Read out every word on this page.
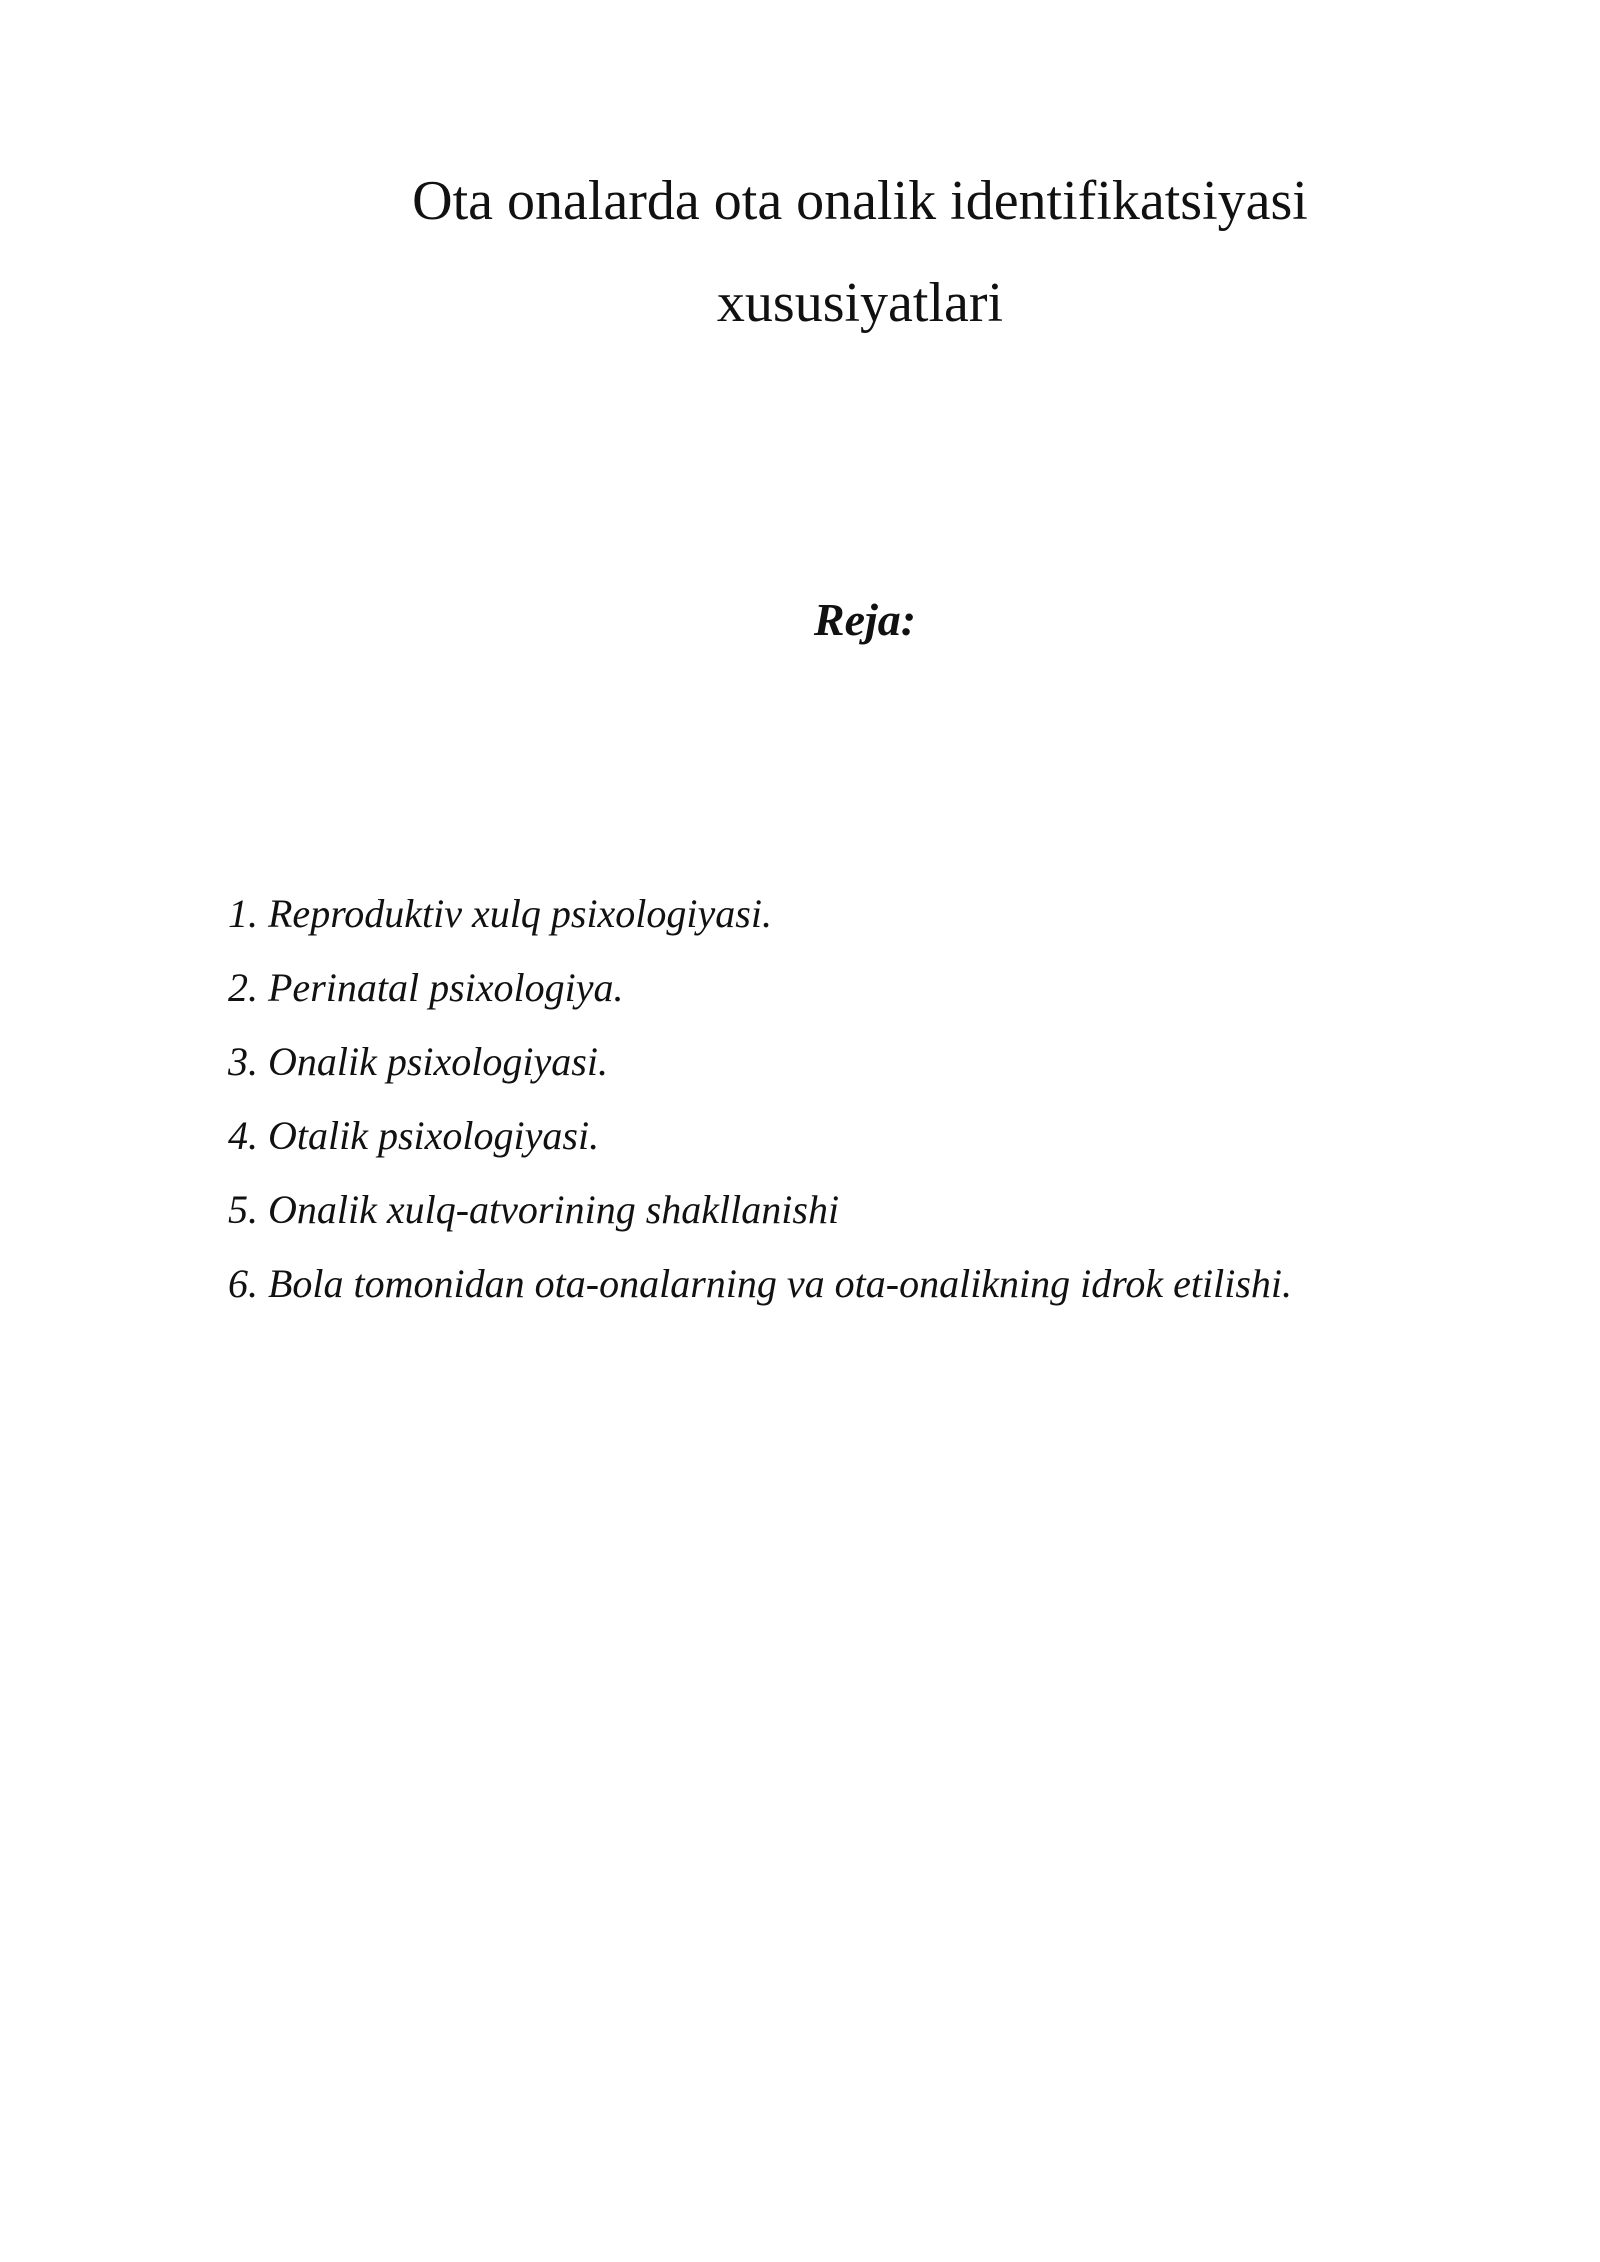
Ota onalarda ota onalik identifikatsiyasi
xususiyatlari
Reja:
1. Reproduktiv xulq psixologiyasi.
2. Perinatal psixologiya.
3. Onalik psixologiyasi.
4. Otalik psixologiyasi.
5. Onalik xulq-atvorining shakllanishi
6. Bola tomonidan ota-onalarning va ota-onalikning idrok etilishi.
